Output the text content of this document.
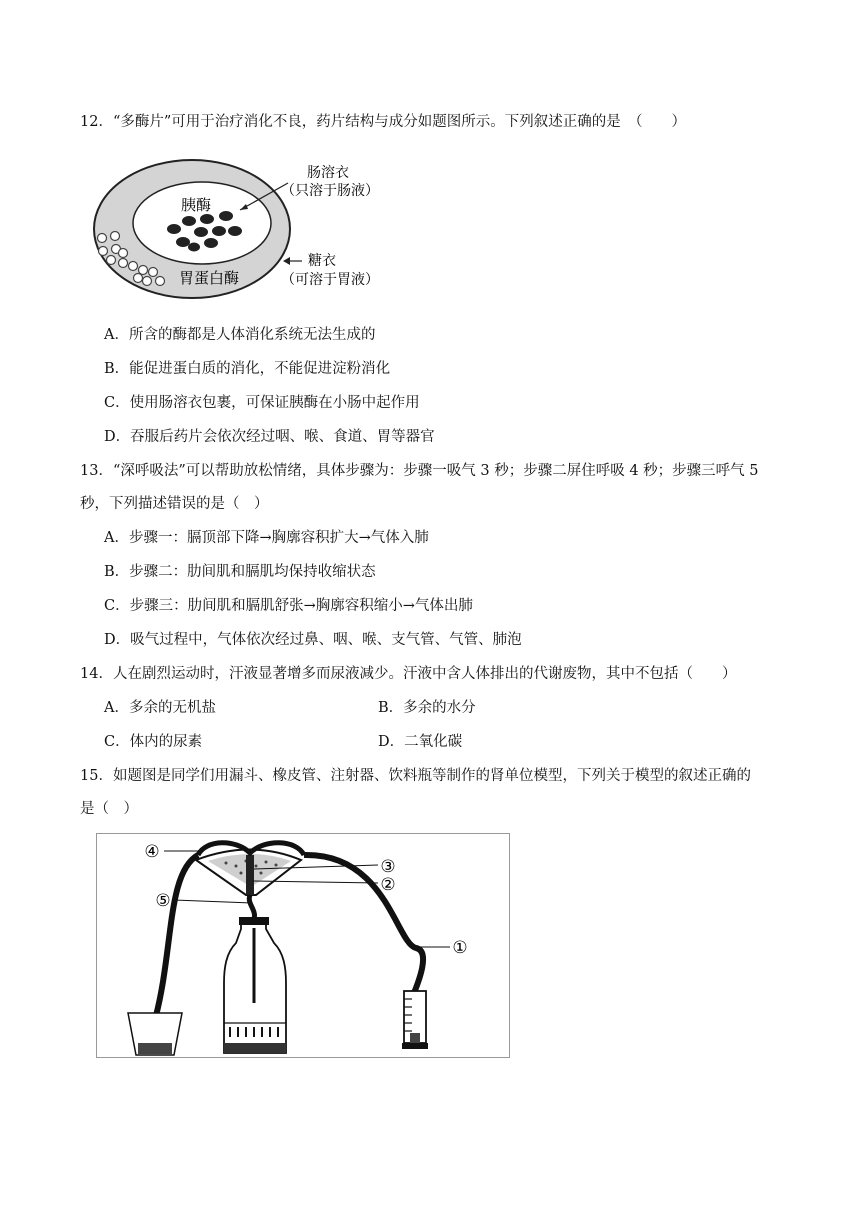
12．“多酶片”可用于治疗消化不良，药片结构与成分如题图所示。下列叙述正确的是　（　　）
胰酶
胃蛋白酶
肠溶衣
（只溶于肠液）
糖衣
（可溶于胃液）
A．所含的酶都是人体消化系统无法生成的
B．能促进蛋白质的消化，不能促进淀粉消化
C．使用肠溶衣包裹，可保证胰酶在小肠中起作用
D．吞服后药片会依次经过咽、喉、食道、胃等器官
13．“深呼吸法”可以帮助放松情绪，具体步骤为：步骤一吸气 3 秒；步骤二屏住呼吸 4 秒；步骤三呼气 5
秒，下列描述错误的是（　）
A．步骤一：膈顶部下降→胸廓容积扩大→气体入肺
B．步骤二：肋间肌和膈肌均保持收缩状态
C．步骤三：肋间肌和膈肌舒张→胸廓容积缩小→气体出肺
D．吸气过程中，气体依次经过鼻、咽、喉、支气管、气管、肺泡
14．人在剧烈运动时，汗液显著增多而尿液减少。汗液中含人体排出的代谢废物，其中不包括（　　）
A．多余的无机盐	B．多余的水分
C．体内的尿素	D．二氧化碳
15．如题图是同学们用漏斗、橡皮管、注射器、饮料瓶等制作的肾单位模型，下列关于模型的叙述正确的
是（　）
④
③
②
⑤
①
